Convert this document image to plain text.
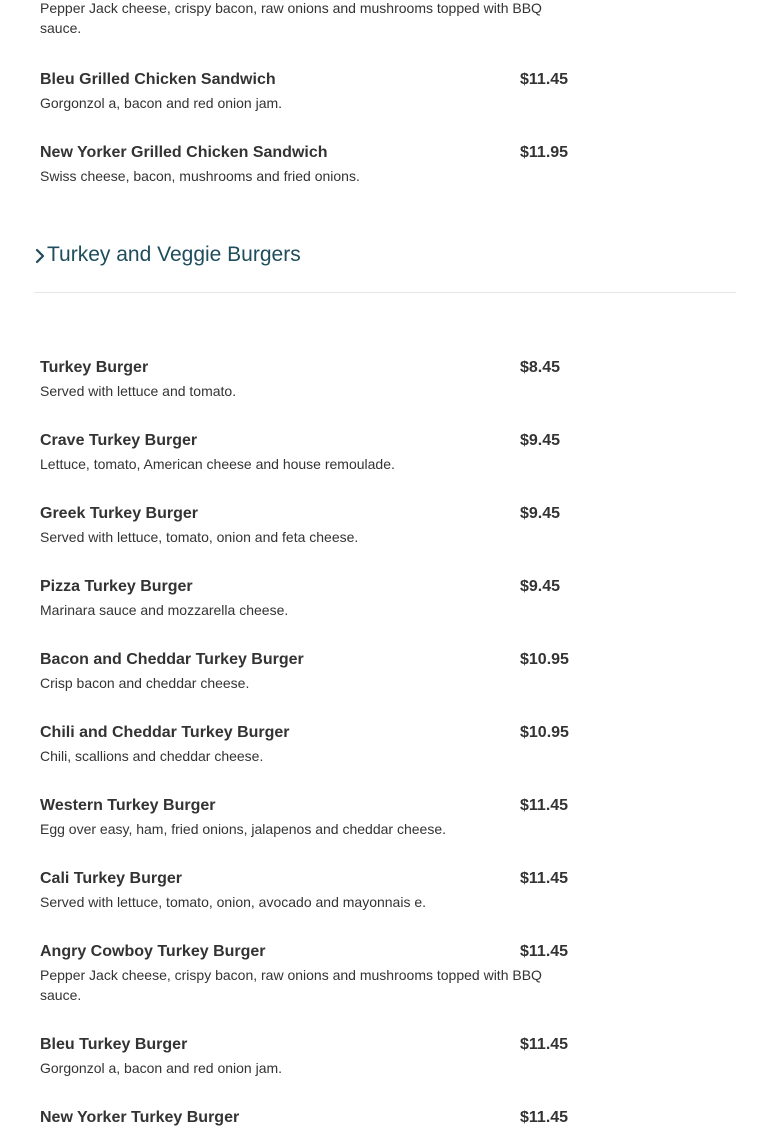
Pepper Jack cheese, crispy bacon, raw onions and mushrooms topped with BBQ sauce.
Bleu Grilled Chicken Sandwich	$11.45
Gorgonzol a, bacon and red onion jam.
New Yorker Grilled Chicken Sandwich	$11.95
Swiss cheese, bacon, mushrooms and fried onions.
Turkey and Veggie Burgers
Turkey Burger	$8.45
Served with lettuce and tomato.
Crave Turkey Burger	$9.45
Lettuce, tomato, American cheese and house remoulade.
Greek Turkey Burger	$9.45
Served with lettuce, tomato, onion and feta cheese.
Pizza Turkey Burger	$9.45
Marinara sauce and mozzarella cheese.
Bacon and Cheddar Turkey Burger	$10.95
Crisp bacon and cheddar cheese.
Chili and Cheddar Turkey Burger	$10.95
Chili, scallions and cheddar cheese.
Western Turkey Burger	$11.45
Egg over easy, ham, fried onions, jalapenos and cheddar cheese.
Cali Turkey Burger	$11.45
Served with lettuce, tomato, onion, avocado and mayonnais e.
Angry Cowboy Turkey Burger	$11.45
Pepper Jack cheese, crispy bacon, raw onions and mushrooms topped with BBQ sauce.
Bleu Turkey Burger	$11.45
Gorgonzol a, bacon and red onion jam.
New Yorker Turkey Burger	$11.45
